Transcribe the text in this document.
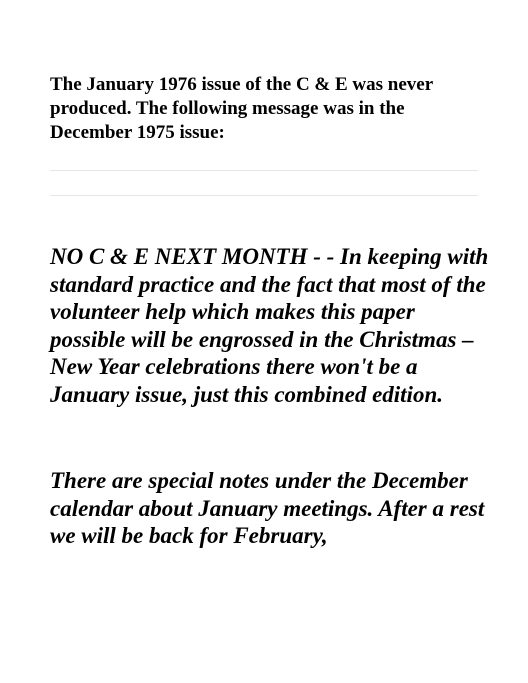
The January 1976 issue of the C & E was never produced. The following message was in the December 1975 issue:

NO C & E NEXT MONTH - - In keeping with standard practice and the fact that most of the volunteer help which makes this paper possible will be engrossed in the Christmas – New Year celebrations there won't be a January issue, just this combined edition.

There are special notes under the December calendar about January meetings. After a rest we will be back for February,
